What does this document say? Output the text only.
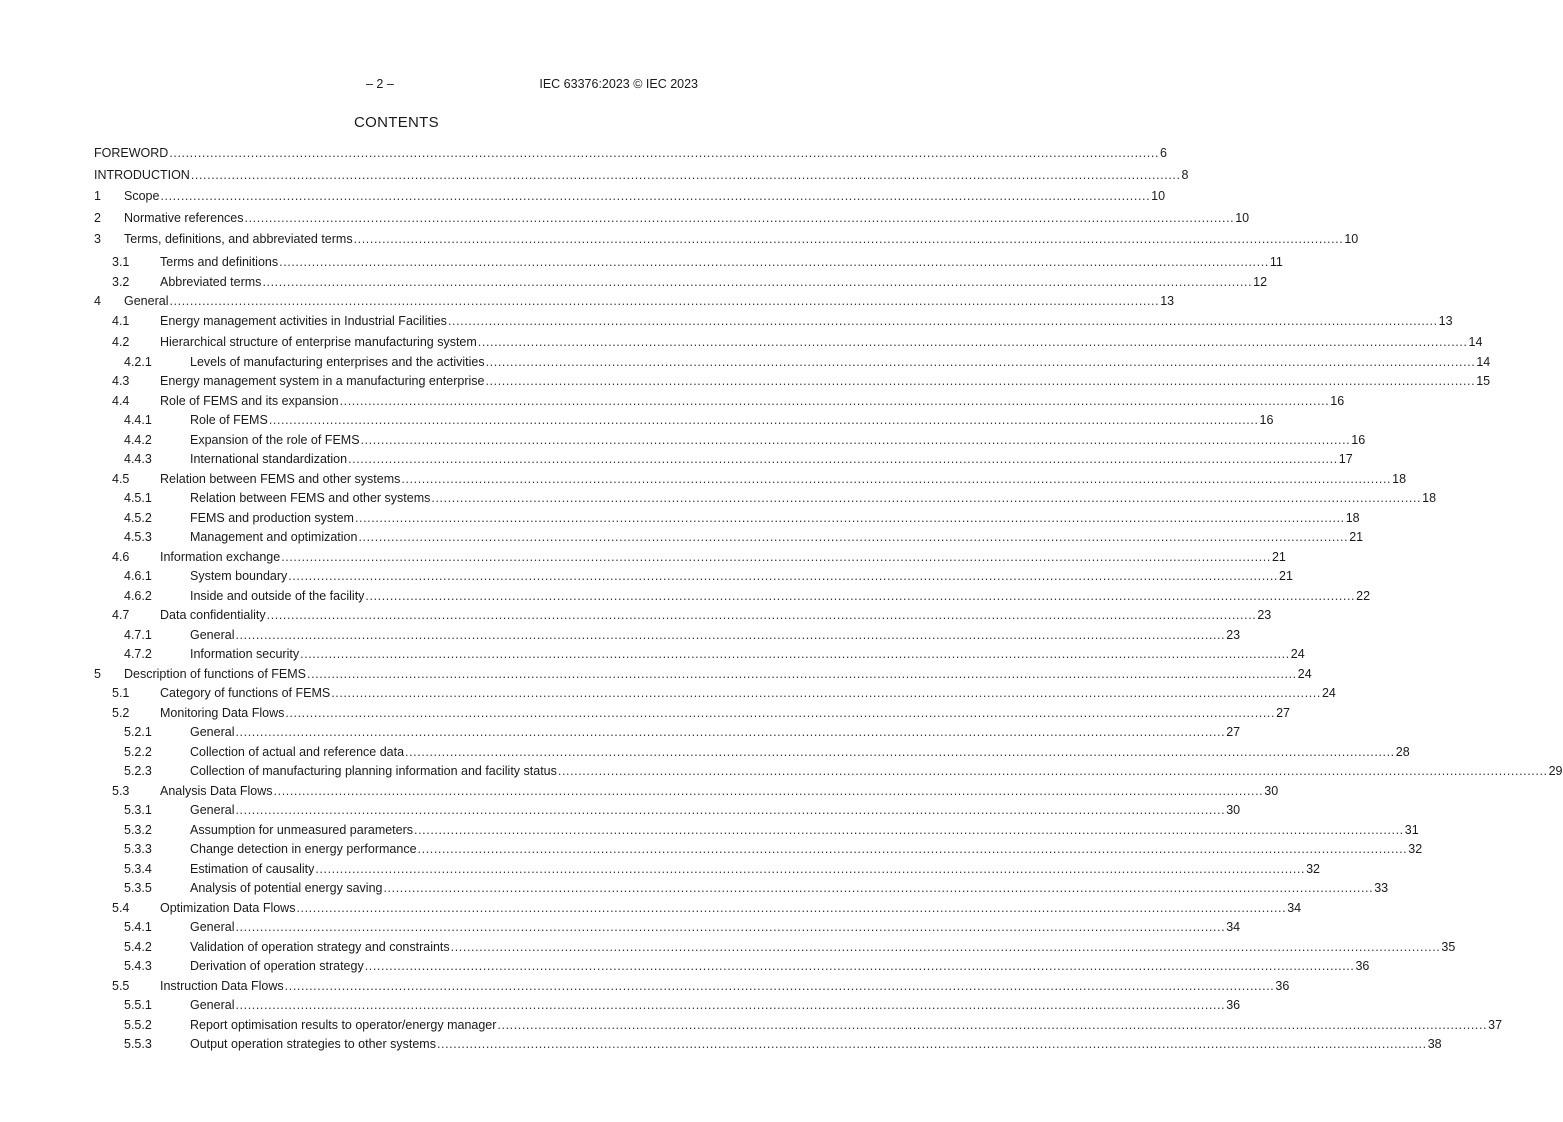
– 2 –	IEC 63376:2023 © IEC 2023
CONTENTS
FOREWORD .....	6
INTRODUCTION .....	8
1	Scope .....	10
2	Normative references .....	10
3	Terms, definitions, and abbreviated terms .....	10
3.1	Terms and definitions .....	11
3.2	Abbreviated terms .....	12
4	General .....	13
4.1	Energy management activities in Industrial Facilities .....	13
4.2	Hierarchical structure of enterprise manufacturing system .....	14
4.2.1	Levels of manufacturing enterprises and the activities .....	14
4.3	Energy management system in a manufacturing enterprise .....	15
4.4	Role of FEMS and its expansion .....	16
4.4.1	Role of FEMS .....	16
4.4.2	Expansion of the role of FEMS .....	16
4.4.3	International standardization .....	17
4.5	Relation between FEMS and other systems .....	18
4.5.1	Relation between FEMS and other systems .....	18
4.5.2	FEMS and production system .....	18
4.5.3	Management and optimization .....	21
4.6	Information exchange .....	21
4.6.1	System boundary .....	21
4.6.2	Inside and outside of the facility .....	22
4.7	Data confidentiality .....	23
4.7.1	General .....	23
4.7.2	Information security .....	24
5	Description of functions of FEMS .....	24
5.1	Category of functions of FEMS .....	24
5.2	Monitoring Data Flows .....	27
5.2.1	General .....	27
5.2.2	Collection of actual and reference data .....	28
5.2.3	Collection of manufacturing planning information and facility status .....	29
5.3	Analysis Data Flows .....	30
5.3.1	General .....	30
5.3.2	Assumption for unmeasured parameters .....	31
5.3.3	Change detection in energy performance .....	32
5.3.4	Estimation of causality .....	32
5.3.5	Analysis of potential energy saving .....	33
5.4	Optimization Data Flows .....	34
5.4.1	General .....	34
5.4.2	Validation of operation strategy and constraints .....	35
5.4.3	Derivation of operation strategy .....	36
5.5	Instruction Data Flows .....	36
5.5.1	General .....	36
5.5.2	Report optimisation results to operator/energy manager .....	37
5.5.3	Output operation strategies to other systems .....	38
